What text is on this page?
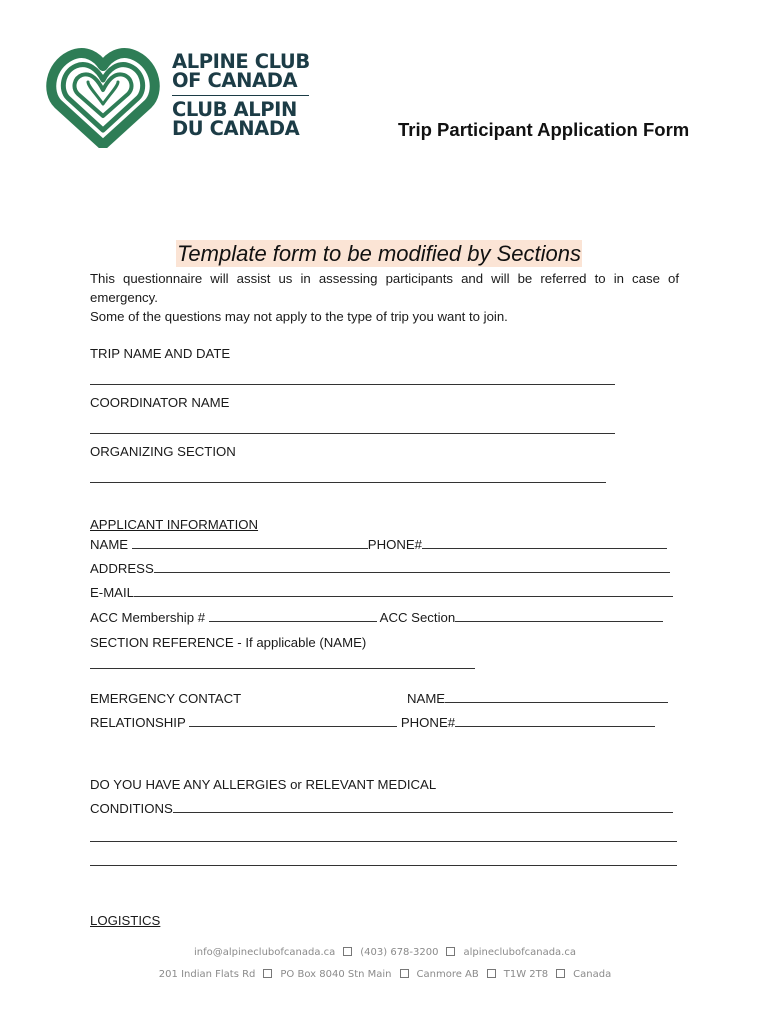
ALPINE CLUB
OF CANADA
CLUB ALPIN
DU CANADA	Trip Participant Application Form
Template form to be modified by Sections
This questionnaire will assist us in assessing participants and will be referred to in case of
emergency.
Some of the questions may not apply to the type of trip you want to join.
TRIP NAME AND DATE
COORDINATOR NAME
ORGANIZING SECTION
APPLICANT INFORMATION
NAME	PHONE#
ADDRESS
E-MAIL
ACC Membership #	ACC Section
SECTION REFERENCE - If applicable (NAME)
EMERGENCY CONTACT	NAME
RELATIONSHIP	PHONE#
DO YOU HAVE ANY ALLERGIES or RELEVANT MEDICAL
CONDITIONS
LOGISTICS
info@alpineclubofcanada.ca	(403) 678-3200	alpineclubofcanada.ca
201 Indian Flats Rd	PO Box 8040 Stn Main	Canmore AB	T1W 2T8	Canada
